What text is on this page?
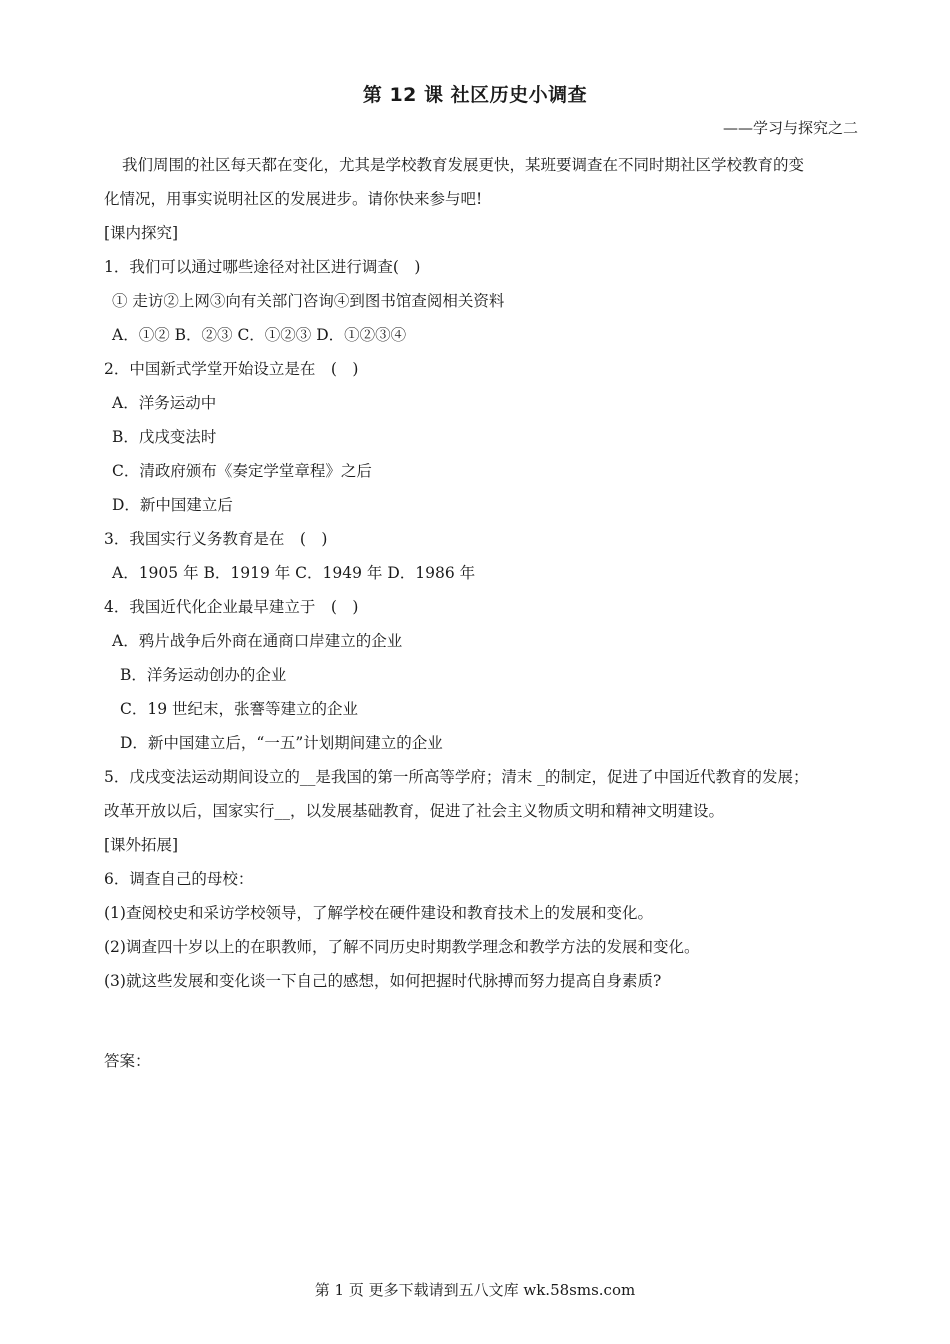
第 12 课 社区历史小调查
——学习与探究之二
我们周围的社区每天都在变化，尤其是学校教育发展更快，某班要调查在不同时期社区学校教育的变
化情况，用事实说明社区的发展进步。请你快来参与吧!
[课内探究]
1．我们可以通过哪些途径对社区进行调查(　)
① 走访②上网③向有关部门咨询④到图书馆查阅相关资料
A．①② B．②③ C．①②③ D．①②③④
2．中国新式学堂开始设立是在　(　)
A．洋务运动中
B．戊戌变法时
C．清政府颁布《奏定学堂章程》之后
D．新中国建立后
3．我国实行义务教育是在　(　)
A．1905 年 B．1919 年 C．1949 年 D．1986 年
4．我国近代化企业最早建立于　(　)
A．鸦片战争后外商在通商口岸建立的企业
B．洋务运动创办的企业
C．19 世纪末，张謇等建立的企业
D．新中国建立后，“一五”计划期间建立的企业
5．戊戌变法运动期间设立的__是我国的第一所高等学府；清末 _的制定，促进了中国近代教育的发展；
改革开放以后，国家实行__，以发展基础教育，促进了社会主义物质文明和精神文明建设。
[课外拓展]
6．调查自己的母校：
(1)查阅校史和采访学校领导，了解学校在硬件建设和教育技术上的发展和变化。
(2)调查四十岁以上的在职教师，了解不同历史时期教学理念和教学方法的发展和变化。
(3)就这些发展和变化谈一下自己的感想，如何把握时代脉搏而努力提高自身素质?
答案：
第 1 页 更多下载请到五八文库 wk.58sms.com
